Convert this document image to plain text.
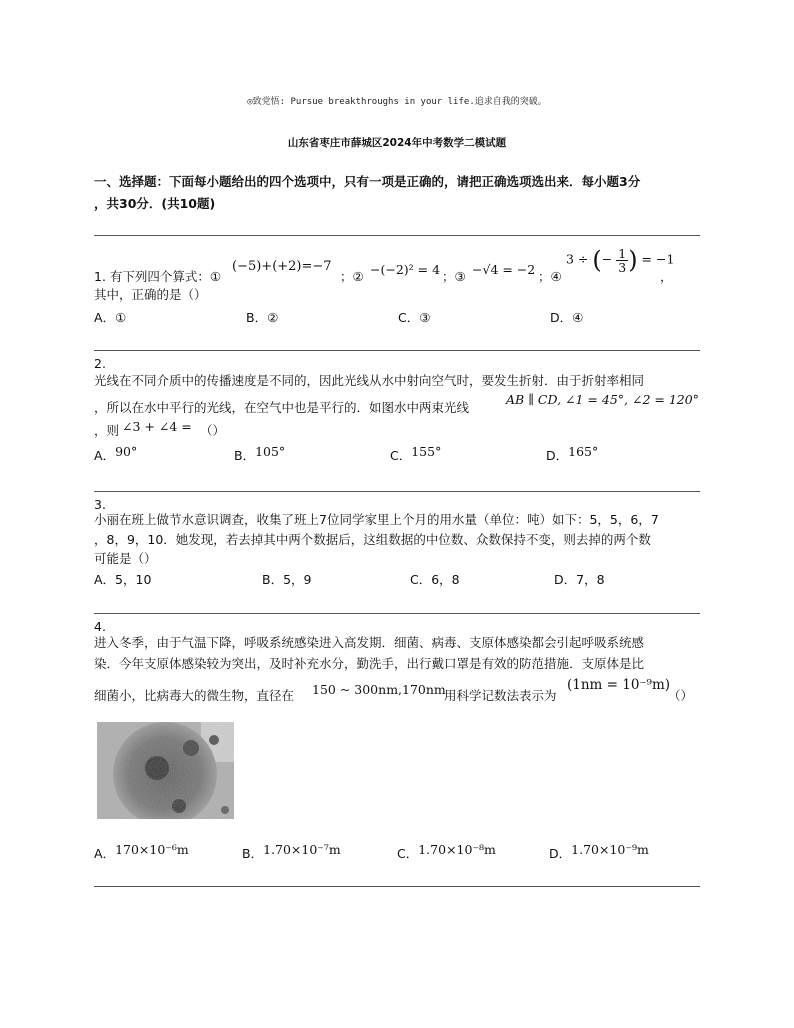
◎致党悟: Pursue breakthroughs in your life.追求自我的突破。
山东省枣庄市薛城区2024年中考数学二模试题
一、选择题：下面每小题给出的四个选项中，只有一项是正确的，请把正确选项选出来．每小题3分
，共30分．(共10题)
1. 有下列四个算式：①
(−5)+(+2)=−7
；② −(−2)² = 4 ；③ −√4 = −2 ；④
3 ÷ (− $\frac{1}{3}$ ) = −1
，
其中，正确的是（）
A．①	B．②	C．③	D．④
2.
光线在不同介质中的传播速度是不同的，因此光线从水中射向空气时，要发生折射．由于折射率相同
，所以在水中平行的光线，在空气中也是平行的．如图水中两束光线
AB ∥ CD, ∠1 = 45°, ∠2 = 120°
，则 ∠3 + ∠4 = （）
A．90°	B．105°	C．155°	D．165°
3.
小丽在班上做节水意识调查，收集了班上7位同学家里上个月的用水量（单位：吨）如下：5，5，6，7
，8，9，10．她发现，若去掉其中两个数据后，这组数据的中位数、众数保持不变，则去掉的两个数
可能是（）
A．5，10	B．5，9	C．6，8	D．7，8
4.
进入冬季，由于气温下降，呼吸系统感染进入高发期．细菌、病毒、支原体感染都会引起呼吸系统感
染．今年支原体感染较为突出，及时补充水分，勤洗手，出行戴口罩是有效的防范措施．支原体是比
细菌小，比病毒大的微生物，直径在 150 ~ 300nm,170nm
用科学记数法表示为
(1nm = 10⁻⁹m)
（）
A．170×10⁻⁶m	B．1.70×10⁻⁷m	C．1.70×10⁻⁸m	D．1.70×10⁻⁹m
